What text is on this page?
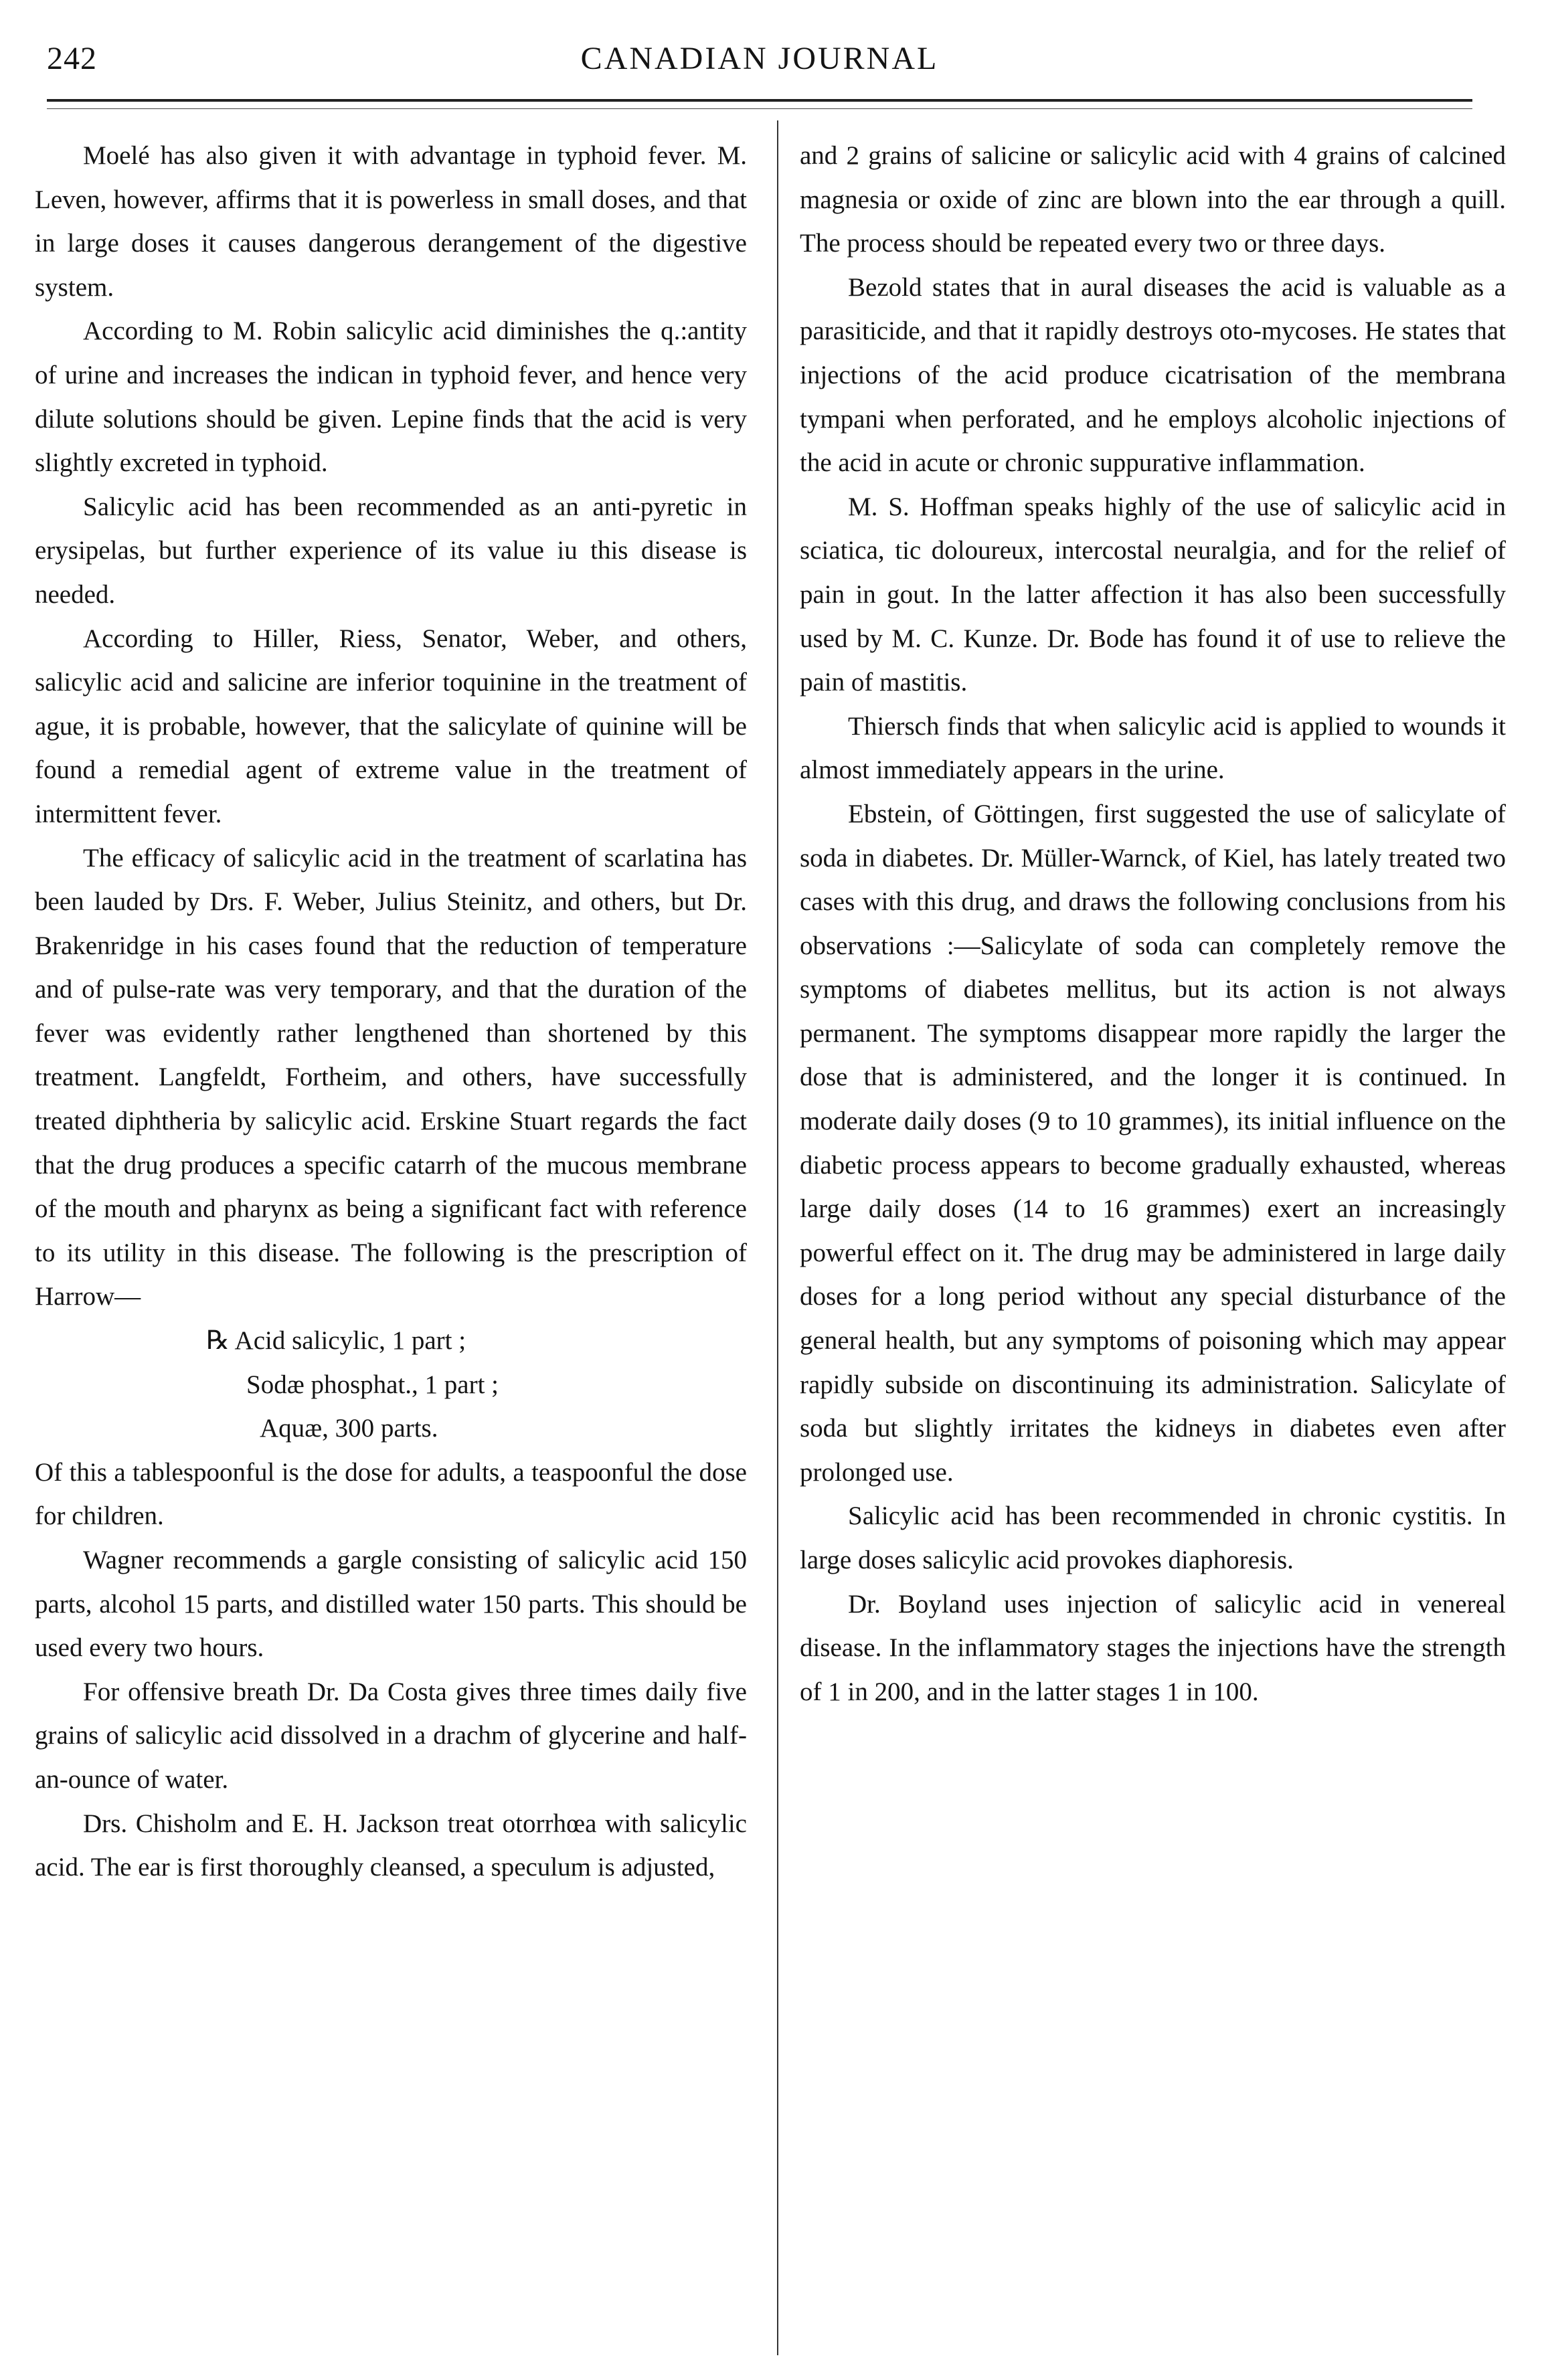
242	CANADIAN JOURNAL

Moelé has also given it with advantage in typhoid fever. M. Leven, however, affirms that it is powerless in small doses, and that in large doses it causes dangerous derangement of the digestive system.

According to M. Robin salicylic acid diminishes the q.:antity of urine and increases the indican in typhoid fever, and hence very dilute solutions should be given. Lepine finds that the acid is very slightly excreted in typhoid.

Salicylic acid has been recommended as an anti-pyretic in erysipelas, but further experience of its value iu this disease is needed.

According to Hiller, Riess, Senator, Weber, and others, salicylic acid and salicine are inferior toquinine in the treatment of ague, it is probable, however, that the salicylate of quinine will be found a remedial agent of extreme value in the treatment of intermittent fever.

The efficacy of salicylic acid in the treatment of scarlatina has been lauded by Drs. F. Weber, Julius Steinitz, and others, but Dr. Brakenridge in his cases found that the reduction of temperature and of pulse-rate was very temporary, and that the duration of the fever was evidently rather lengthened than shortened by this treatment. Langfeldt, Fortheim, and others, have successfully treated diphtheria by salicylic acid. Erskine Stuart regards the fact that the drug produces a specific catarrh of the mucous membrane of the mouth and pharynx as being a significant fact with reference to its utility in this disease. The following is the prescription of Harrow—

℞ Acid salicylic, 1 part ;

Sodæ phosphat., 1 part ;

Aquæ, 300 parts.

Of this a tablespoonful is the dose for adults, a teaspoonful the dose for children.

Wagner recommends a gargle consisting of salicylic acid 150 parts, alcohol 15 parts, and distilled water 150 parts. This should be used every two hours.

For offensive breath Dr. Da Costa gives three times daily five grains of salicylic acid dissolved in a drachm of glycerine and half-an-ounce of water.

Drs. Chisholm and E. H. Jackson treat otorrhœa with salicylic acid. The ear is first thoroughly cleansed, a speculum is adjusted,

and 2 grains of salicine or salicylic acid with 4 grains of calcined magnesia or oxide of zinc are blown into the ear through a quill. The process should be repeated every two or three days.

Bezold states that in aural diseases the acid is valuable as a parasiticide, and that it rapidly destroys oto-mycoses. He states that injections of the acid produce cicatrisation of the membrana tympani when perforated, and he employs alcoholic injections of the acid in acute or chronic suppurative inflammation.

M. S. Hoffman speaks highly of the use of salicylic acid in sciatica, tic doloureux, intercostal neuralgia, and for the relief of pain in gout. In the latter affection it has also been successfully used by M. C. Kunze. Dr. Bode has found it of use to relieve the pain of mastitis.

Thiersch finds that when salicylic acid is applied to wounds it almost immediately appears in the urine.

Ebstein, of Göttingen, first suggested the use of salicylate of soda in diabetes. Dr. Müller-Warnck, of Kiel, has lately treated two cases with this drug, and draws the following conclusions from his observations :—Salicylate of soda can completely remove the symptoms of diabetes mellitus, but its action is not always permanent. The symptoms disappear more rapidly the larger the dose that is administered, and the longer it is continued. In moderate daily doses (9 to 10 grammes), its initial influence on the diabetic process appears to become gradually exhausted, whereas large daily doses (14 to 16 grammes) exert an increasingly powerful effect on it. The drug may be administered in large daily doses for a long period without any special disturbance of the general health, but any symptoms of poisoning which may appear rapidly subside on discontinuing its administration. Salicylate of soda but slightly irritates the kidneys in diabetes even after prolonged use.

Salicylic acid has been recommended in chronic cystitis. In large doses salicylic acid provokes diaphoresis.

Dr. Boyland uses injection of salicylic acid in venereal disease. In the inflammatory stages the injections have the strength of 1 in 200, and in the latter stages 1 in 100.
